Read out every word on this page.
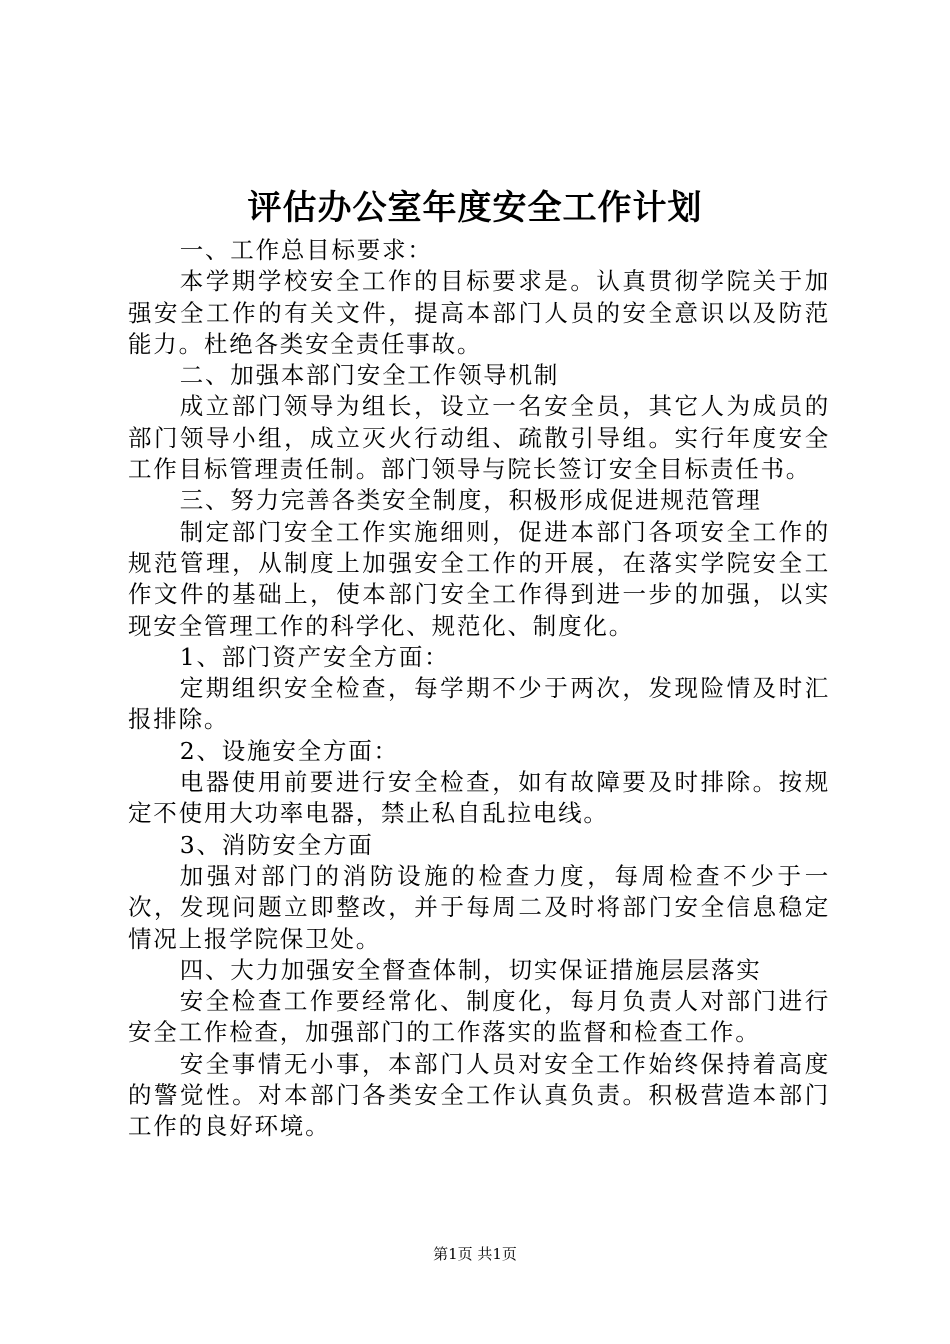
评估办公室年度安全工作计划

一、工作总目标要求：

本学期学校安全工作的目标要求是。认真贯彻学院关于加强安全工作的有关文件，提高本部门人员的安全意识以及防范能力。杜绝各类安全责任事故。

二、加强本部门安全工作领导机制

成立部门领导为组长，设立一名安全员，其它人为成员的部门领导小组，成立灭火行动组、疏散引导组。实行年度安全工作目标管理责任制。部门领导与院长签订安全目标责任书。

三、努力完善各类安全制度，积极形成促进规范管理

制定部门安全工作实施细则，促进本部门各项安全工作的规范管理，从制度上加强安全工作的开展，在落实学院安全工作文件的基础上，使本部门安全工作得到进一步的加强，以实现安全管理工作的科学化、规范化、制度化。

1、部门资产安全方面：

定期组织安全检查，每学期不少于两次，发现险情及时汇报排除。

2、设施安全方面：

电器使用前要进行安全检查，如有故障要及时排除。按规定不使用大功率电器，禁止私自乱拉电线。

3、消防安全方面

加强对部门的消防设施的检查力度，每周检查不少于一次，发现问题立即整改，并于每周二及时将部门安全信息稳定情况上报学院保卫处。

四、大力加强安全督查体制，切实保证措施层层落实

安全检查工作要经常化、制度化，每月负责人对部门进行安全工作检查，加强部门的工作落实的监督和检查工作。

安全事情无小事，本部门人员对安全工作始终保持着高度的警觉性。对本部门各类安全工作认真负责。积极营造本部门工作的良好环境。

第1页 共1页
